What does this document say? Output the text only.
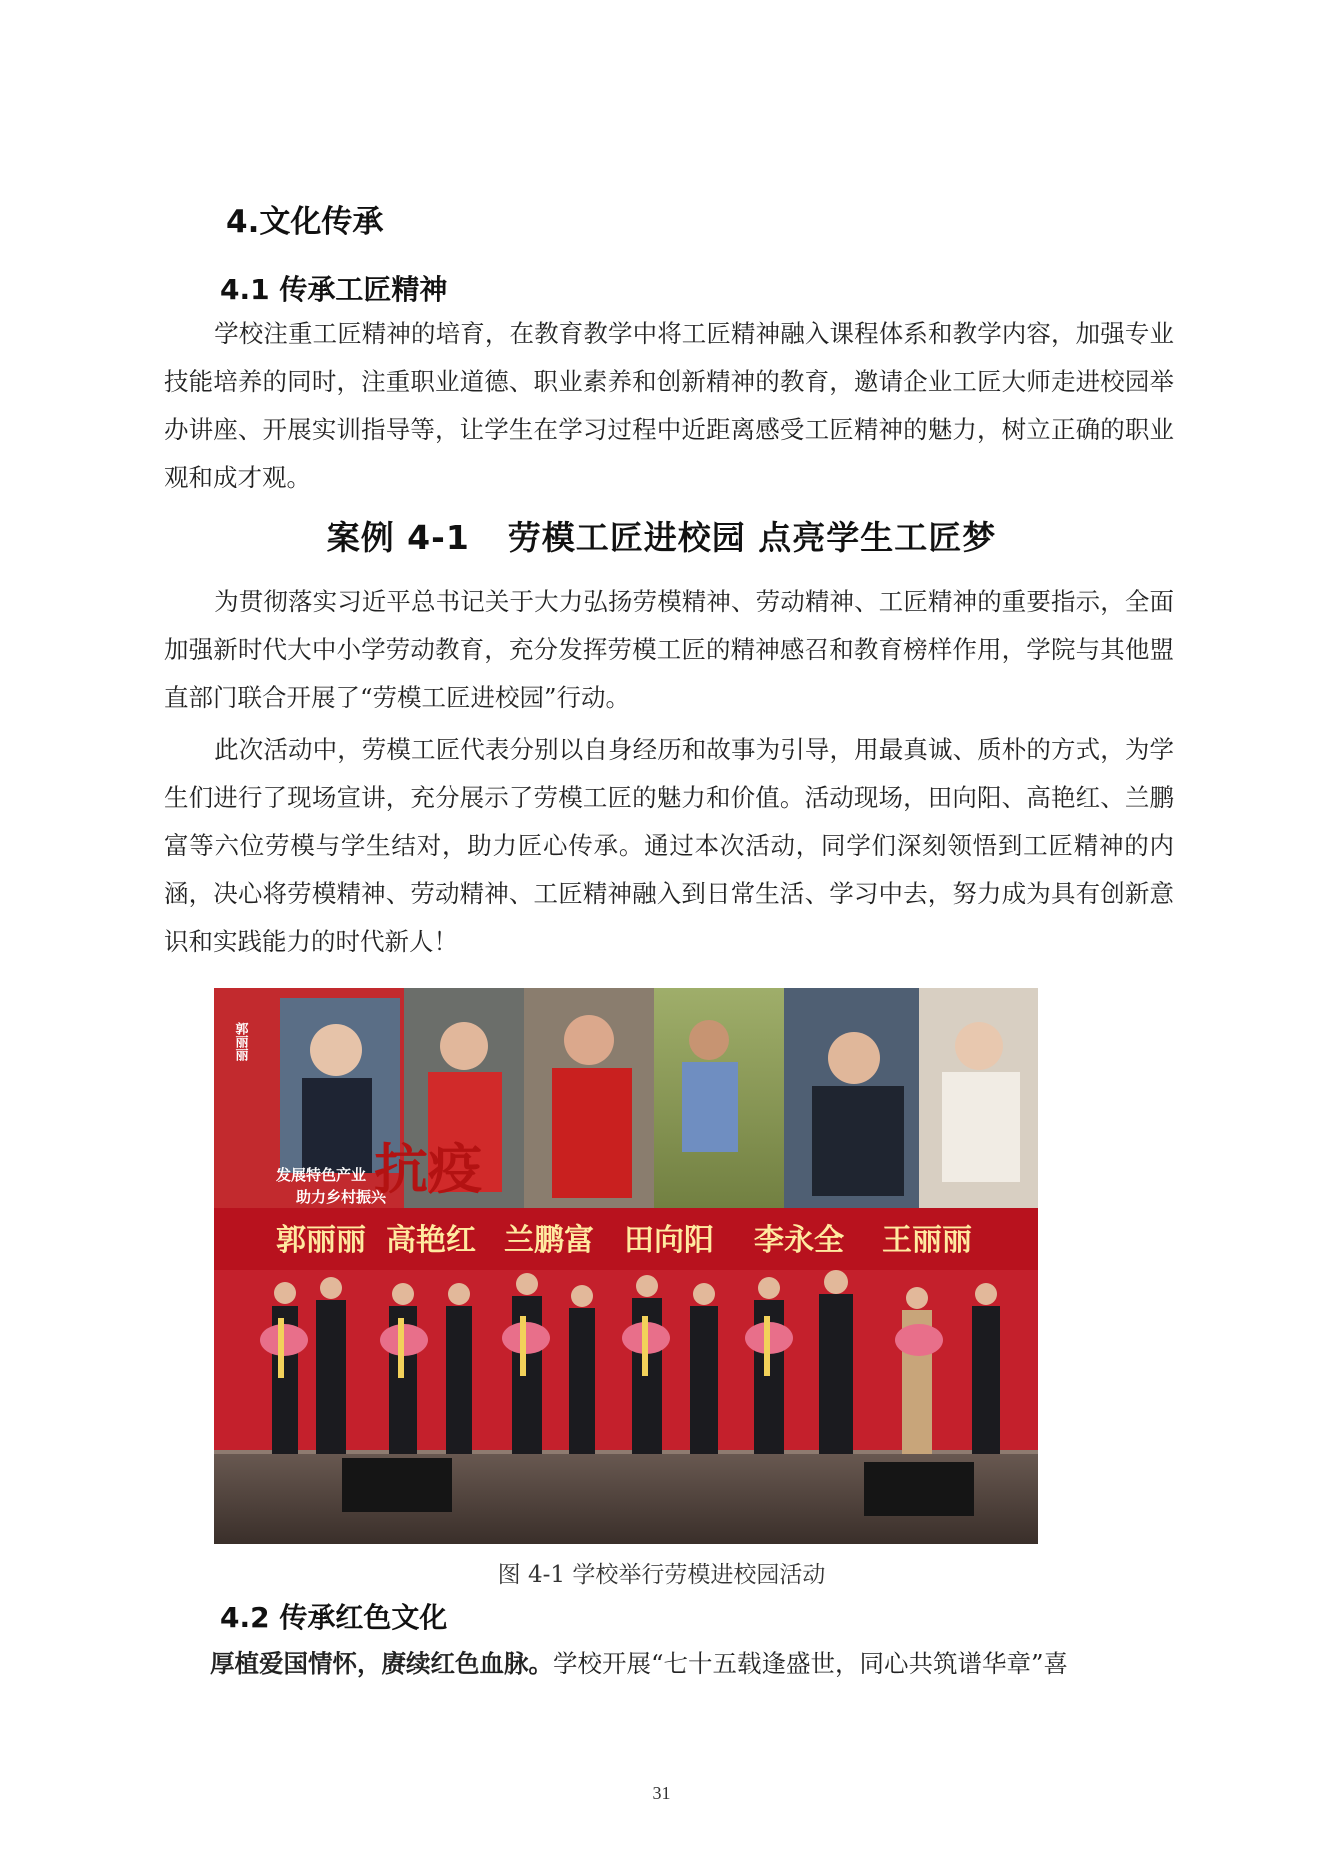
4.文化传承
4.1 传承工匠精神
学校注重工匠精神的培育，在教育教学中将工匠精神融入课程体系和教学内容，加强专业技能培养的同时，注重职业道德、职业素养和创新精神的教育，邀请企业工匠大师走进校园举办讲座、开展实训指导等，让学生在学习过程中近距离感受工匠精神的魅力，树立正确的职业观和成才观。
案例 4-1 劳模工匠进校园 点亮学生工匠梦
为贯彻落实习近平总书记关于大力弘扬劳模精神、劳动精神、工匠精神的重要指示，全面加强新时代大中小学劳动教育，充分发挥劳模工匠的精神感召和教育榜样作用，学院与其他盟直部门联合开展了“劳模工匠进校园”行动。
此次活动中，劳模工匠代表分别以自身经历和故事为引导，用最真诚、质朴的方式，为学生们进行了现场宣讲，充分展示了劳模工匠的魅力和价值。活动现场，田向阳、高艳红、兰鹏富等六位劳模与学生结对，助力匠心传承。通过本次活动，同学们深刻领悟到工匠精神的内涵，决心将劳模精神、劳动精神、工匠精神融入到日常生活、学习中去，努力成为具有创新意识和实践能力的时代新人！
郭丽丽
发展特色产业
助力乡村振兴
抗疫
郭丽丽 高艳红 兰鹏富 田向阳 李永全 王丽丽
图 4-1 学校举行劳模进校园活动
4.2 传承红色文化
厚植爱国情怀，赓续红色血脉。学校开展“七十五载逢盛世，同心共筑谱华章”喜
31
